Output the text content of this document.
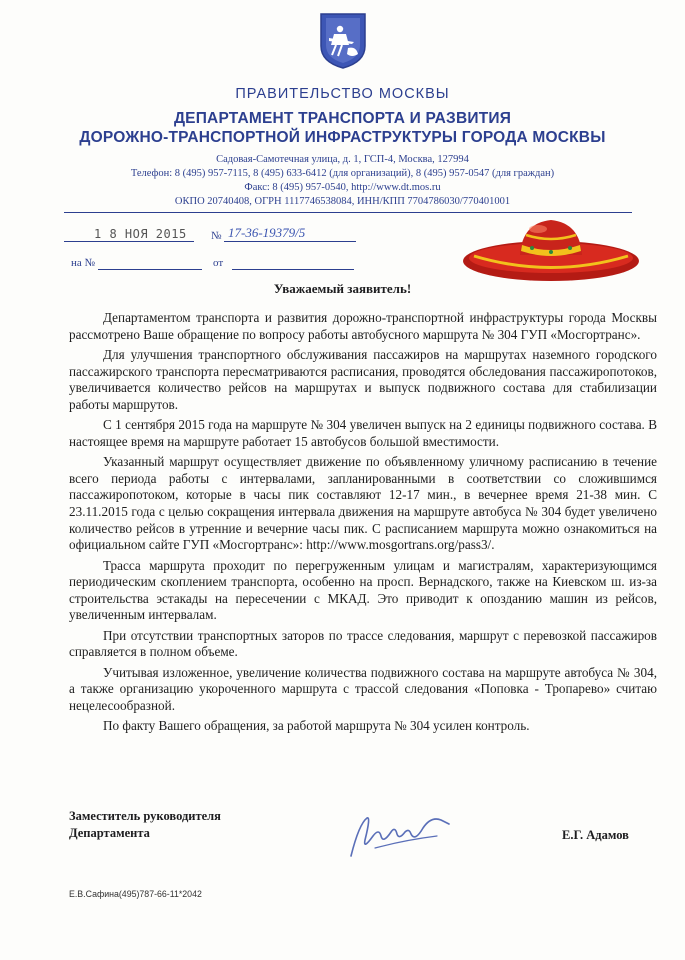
ПРАВИТЕЛЬСТВО МОСКВЫ
ДЕПАРТАМЕНТ ТРАНСПОРТА И РАЗВИТИЯ
ДОРОЖНО-ТРАНСПОРТНОЙ ИНФРАСТРУКТУРЫ ГОРОДА МОСКВЫ
Садовая-Самотечная улица, д. 1, ГСП-4, Москва, 127994
Телефон: 8 (495) 957-7115, 8 (495) 633-6412 (для организаций), 8 (495) 957-0547 (для граждан)
Факс: 8 (495) 957-0540, http://www.dt.mos.ru
ОКПО 20740408, ОГРН 1117746538084, ИНН/КПП 7704786030/770401001
1 8 НОЯ 2015 № 17-36-19379/5
на №	от
Уважаемый заявитель!

Департаментом транспорта и развития дорожно-транспортной инфраструктуры города Москвы рассмотрено Ваше обращение по вопросу работы автобусного маршрута № 304 ГУП «Мосгортранс».

Для улучшения транспортного обслуживания пассажиров на маршрутах наземного городского пассажирского транспорта пересматриваются расписания, проводятся обследования пассажиропотоков, увеличивается количество рейсов на маршрутах и выпуск подвижного состава для стабилизации работы маршрутов.

С 1 сентября 2015 года на маршруте № 304 увеличен выпуск на 2 единицы подвижного состава. В настоящее время на маршруте работает 15 автобусов большой вместимости.

Указанный маршрут осуществляет движение по объявленному уличному расписанию в течение всего периода работы с интервалами, запланированными в соответствии со сложившимся пассажиропотоком, которые в часы пик составляют 12-17 мин., в вечернее время 21-38 мин. С 23.11.2015 года с целью сокращения интервала движения на маршруте автобуса № 304 будет увеличено количество рейсов в утренние и вечерние часы пик. С расписанием маршрута можно ознакомиться на официальном сайте ГУП «Мосгортранс»: http://www.mosgortrans.org/pass3/.

Трасса маршрута проходит по перегруженным улицам и магистралям, характеризующимся периодическим скоплением транспорта, особенно на просп. Вернадского, также на Киевском ш. из-за строительства эстакады на пересечении с МКАД. Это приводит к опозданию машин из рейсов, увеличенным интервалам.

При отсутствии транспортных заторов по трассе следования, маршрут с перевозкой пассажиров справляется в полном объеме.

Учитывая изложенное, увеличение количества подвижного состава на маршруте автобуса № 304, а также организацию укороченного маршрута с трассой следования «Поповка - Тропарево» считаю нецелесообразной.

По факту Вашего обращения, за работой маршрута № 304 усилен контроль.

Заместитель руководителя
Департамента	Е.Г. Адамов
Е.В.Сафина(495)787-66-11*2042
